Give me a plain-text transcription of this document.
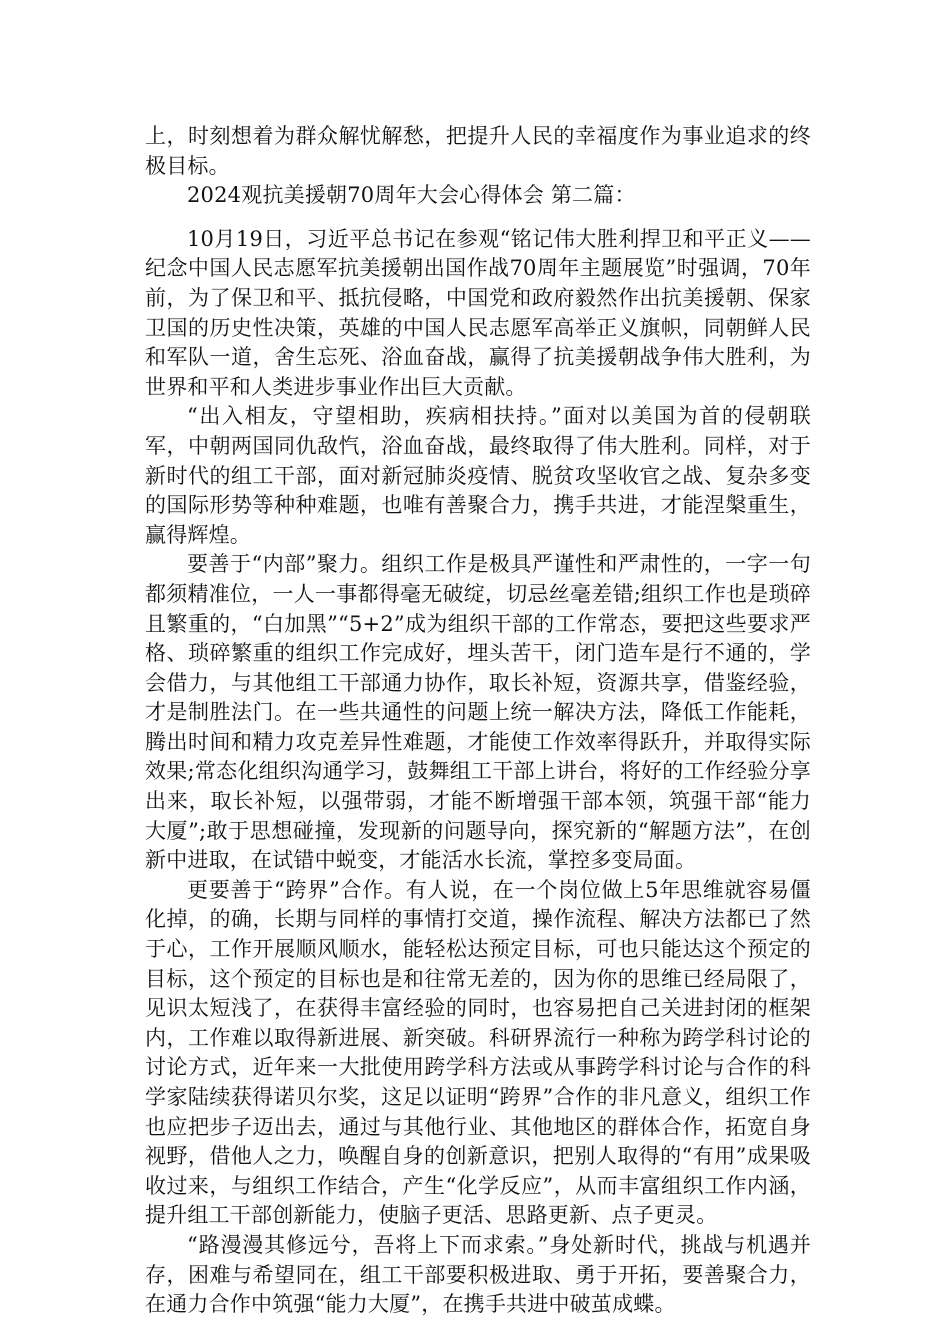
上，时刻想着为群众解忧解愁，把提升人民的幸福度作为事业追求的终极目标。

2024观抗美援朝70周年大会心得体会 第二篇：

10月19日，习近平总书记在参观“铭记伟大胜利捍卫和平正义——纪念中国人民志愿军抗美援朝出国作战70周年主题展览”时强调，70年前，为了保卫和平、抵抗侵略，中国党和政府毅然作出抗美援朝、保家卫国的历史性决策，英雄的中国人民志愿军高举正义旗帜，同朝鲜人民和军队一道，舍生忘死、浴血奋战，赢得了抗美援朝战争伟大胜利，为世界和平和人类进步事业作出巨大贡献。

“出入相友，守望相助，疾病相扶持。”面对以美国为首的侵朝联军，中朝两国同仇敌忾，浴血奋战，最终取得了伟大胜利。同样，对于新时代的组工干部，面对新冠肺炎疫情、脱贫攻坚收官之战、复杂多变的国际形势等种种难题，也唯有善聚合力，携手共进，才能涅槃重生，赢得辉煌。

要善于“内部”聚力。组织工作是极具严谨性和严肃性的，一字一句都须精准位，一人一事都得毫无破绽，切忌丝毫差错;组织工作也是琐碎且繁重的，“白加黑”“5+2”成为组织干部的工作常态，要把这些要求严格、琐碎繁重的组织工作完成好，埋头苦干，闭门造车是行不通的，学会借力，与其他组工干部通力协作，取长补短，资源共享，借鉴经验，才是制胜法门。在一些共通性的问题上统一解决方法，降低工作能耗，腾出时间和精力攻克差异性难题，才能使工作效率得跃升，并取得实际效果;常态化组织沟通学习，鼓舞组工干部上讲台，将好的工作经验分享出来，取长补短，以强带弱，才能不断增强干部本领，筑强干部“能力大厦”;敢于思想碰撞，发现新的问题导向，探究新的“解题方法”，在创新中进取，在试错中蜕变，才能活水长流，掌控多变局面。

更要善于“跨界”合作。有人说，在一个岗位做上5年思维就容易僵化掉，的确，长期与同样的事情打交道，操作流程、解决方法都已了然于心，工作开展顺风顺水，能轻松达预定目标，可也只能达这个预定的目标，这个预定的目标也是和往常无差的，因为你的思维已经局限了，见识太短浅了，在获得丰富经验的同时，也容易把自己关进封闭的框架内，工作难以取得新进展、新突破。科研界流行一种称为跨学科讨论的讨论方式，近年来一大批使用跨学科方法或从事跨学科讨论与合作的科学家陆续获得诺贝尔奖，这足以证明“跨界”合作的非凡意义，组织工作也应把步子迈出去，通过与其他行业、其他地区的群体合作，拓宽自身视野，借他人之力，唤醒自身的创新意识，把别人取得的“有用”成果吸收过来，与组织工作结合，产生“化学反应”，从而丰富组织工作内涵，提升组工干部创新能力，使脑子更活、思路更新、点子更灵。

“路漫漫其修远兮，吾将上下而求索。”身处新时代，挑战与机遇并存，困难与希望同在，组工干部要积极进取、勇于开拓，要善聚合力，在通力合作中筑强“能力大厦”，在携手共进中破茧成蝶。
